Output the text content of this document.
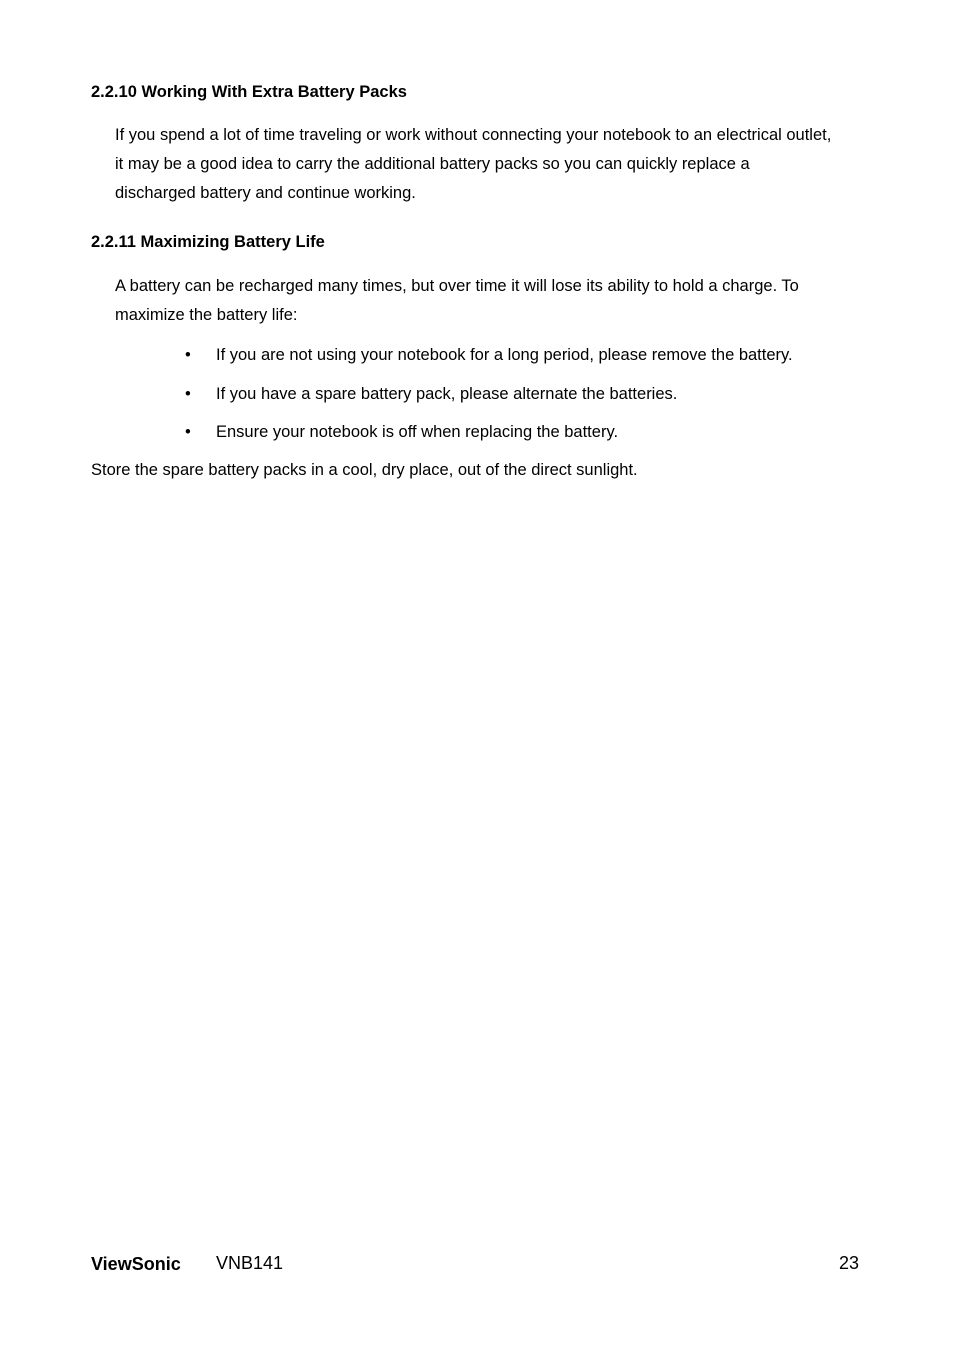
2.2.10 Working With Extra Battery Packs
If you spend a lot of time traveling or work without connecting your notebook to an electrical outlet,
it may be a good idea to carry the additional battery packs so you can quickly replace a
discharged battery and continue working.
2.2.11 Maximizing Battery Life
A battery can be recharged many times, but over time it will lose its ability to hold a charge. To
maximize the battery life:
•	If you are not using your notebook for a long period, please remove the battery.
•	If you have a spare battery pack, please alternate the batteries.
•	Ensure your notebook is off when replacing the battery.

Store the spare battery packs in a cool, dry place, out of the direct sunlight.

ViewSonic VNB141	23
